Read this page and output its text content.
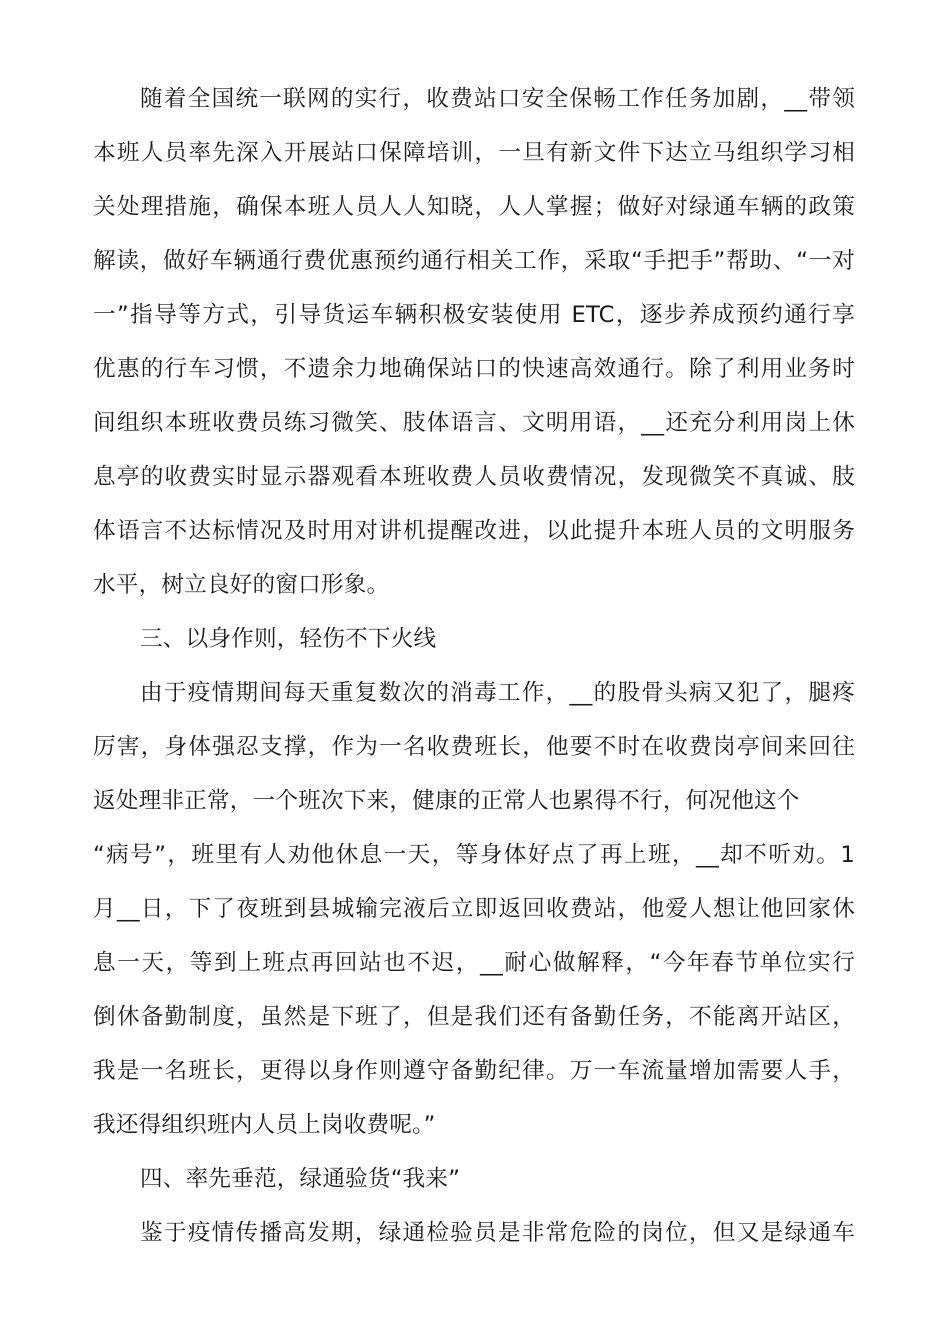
随着全国统一联网的实行，收费站口安全保畅工作任务加剧，__带领
本班人员率先深入开展站口保障培训，一旦有新文件下达立马组织学习相
关处理措施，确保本班人员人人知晓，人人掌握；做好对绿通车辆的政策
解读，做好车辆通行费优惠预约通行相关工作，采取“手把手”帮助、“一对
一”指导等方式，引导货运车辆积极安装使用 ETC，逐步养成预约通行享
优惠的行车习惯，不遗余力地确保站口的快速高效通行。除了利用业务时
间组织本班收费员练习微笑、肢体语言、文明用语，__还充分利用岗上休
息亭的收费实时显示器观看本班收费人员收费情况，发现微笑不真诚、肢
体语言不达标情况及时用对讲机提醒改进，以此提升本班人员的文明服务
水平，树立良好的窗口形象。
三、以身作则，轻伤不下火线
由于疫情期间每天重复数次的消毒工作，__的股骨头病又犯了，腿疼
厉害，身体强忍支撑，作为一名收费班长，他要不时在收费岗亭间来回往
返处理非正常，一个班次下来，健康的正常人也累得不行，何况他这个
“病号”，班里有人劝他休息一天，等身体好点了再上班，__却不听劝。1
月__日，下了夜班到县城输完液后立即返回收费站，他爱人想让他回家休
息一天，等到上班点再回站也不迟，__耐心做解释，“今年春节单位实行
倒休备勤制度，虽然是下班了，但是我们还有备勤任务，不能离开站区，
我是一名班长，更得以身作则遵守备勤纪律。万一车流量增加需要人手，
我还得组织班内人员上岗收费呢。”
四、率先垂范，绿通验货“我来”
鉴于疫情传播高发期，绿通检验员是非常危险的岗位，但又是绿通车
